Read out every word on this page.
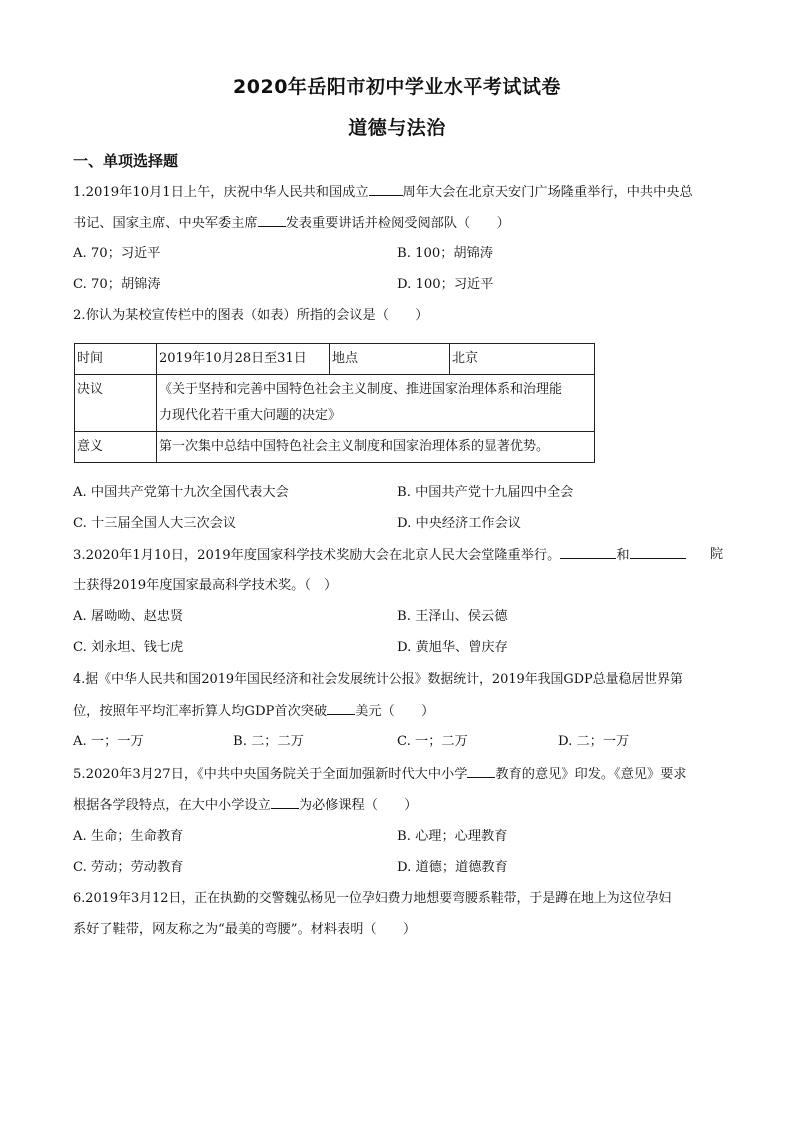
2020年岳阳市初中学业水平考试试卷
道德与法治
一、单项选择题
1.2019年10月1日上午，庆祝中华人民共和国成立	周年大会在北京天安门广场隆重举行，中共中央总
书记、国家主席、中央军委主席 发表重要讲话并检阅受阅部队（　　）
A. 70；习近平	B. 100；胡锦涛
C. 70；胡锦涛	D. 100；习近平
2.你认为某校宣传栏中的图表（如表）所指的会议是（　　）
时间	2019年10月28日至31日	地点	北京
决议	《关于坚持和完善中国特色社会主义制度、推进国家治理体系和治理能
力现代化若干重大问题的决定》		

意义	第一次集中总结中国特色社会主义制度和国家治理体系的显著优势。		
A. 中国共产党第十九次全国代表大会	B. 中国共产党十九届四中全会
C. 十三届全国人大三次会议	D. 中央经济工作会议
3.2020年1月10日，2019年度国家科学技术奖励大会在北京人民大会堂隆重举行。	和	院
士获得2019年度国家最高科学技术奖。（　）
A. 屠呦呦、赵忠贤	B. 王泽山、侯云德
C. 刘永坦、钱七虎	D. 黄旭华、曾庆存
4.据《中华人民共和国2019年国民经济和社会发展统计公报》数据统计，2019年我国GDP总量稳居世界第
位，按照年平均汇率折算人均GDP首次突破 美元（　　）
A. 一；一万	B. 二；二万	C. 一；二万	D. 二；一万
5.2020年3月27日，《中共中央国务院关于全面加强新时代大中小学 教育的意见》印发。《意见》要求
根据各学段特点，在大中小学设立 为必修课程（　　）
A. 生命；生命教育	B. 心理；心理教育
C. 劳动；劳动教育	D. 道德；道德教育
6.2019年3月12日，正在执勤的交警魏弘杨见一位孕妇费力地想要弯腰系鞋带，于是蹲在地上为这位孕妇
系好了鞋带，网友称之为“最美的弯腰”。材料表明（　　）
